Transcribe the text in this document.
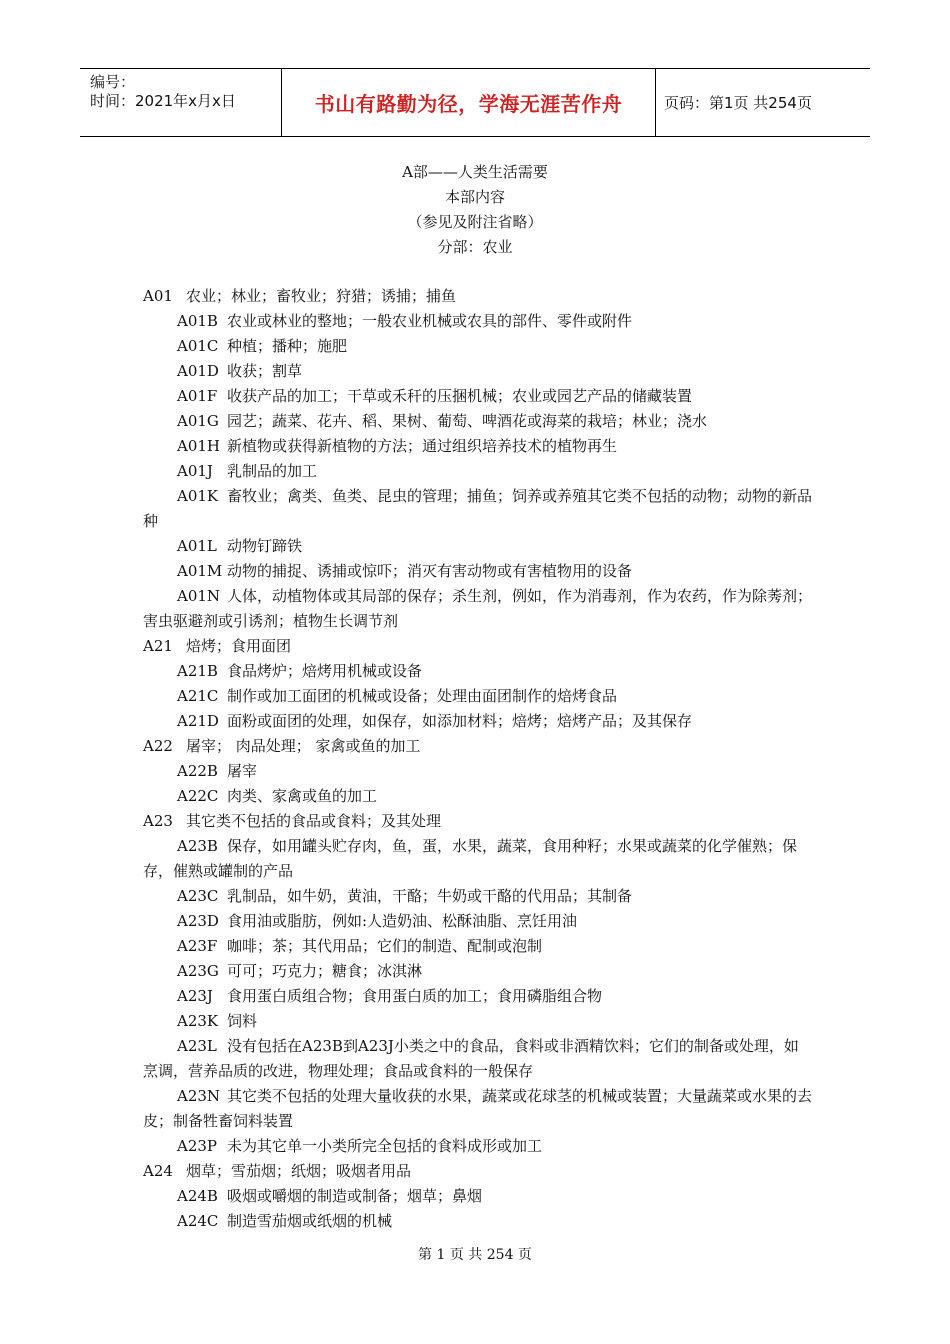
编号：
时间：2021年x月x日	书山有路勤为径，学海无涯苦作舟	页码：第1页 共254页
A部——人类生活需要
本部内容
（参见及附注省略）
分部：农业
A01 农业；林业；畜牧业；狩猎；诱捕；捕鱼
A01B 农业或林业的整地；一般农业机械或农具的部件、零件或附件
A01C 种植；播种；施肥
A01D 收获；割草
A01F 收获产品的加工；干草或禾秆的压捆机械；农业或园艺产品的储藏装置
A01G 园艺；蔬菜、花卉、稻、果树、葡萄、啤酒花或海菜的栽培；林业；浇水
A01H 新植物或获得新植物的方法；通过组织培养技术的植物再生
A01J 乳制品的加工
A01K 畜牧业；禽类、鱼类、昆虫的管理；捕鱼；饲养或养殖其它类不包括的动物；动物的新品种
A01L 动物钉蹄铁
A01M 动物的捕捉、诱捕或惊吓；消灭有害动物或有害植物用的设备
A01N 人体，动植物体或其局部的保存；杀生剂，例如，作为消毒剂，作为农药，作为除莠剂；害虫驱避剂或引诱剂；植物生长调节剂
A21 焙烤；食用面团
A21B 食品烤炉；焙烤用机械或设备
A21C 制作或加工面团的机械或设备；处理由面团制作的焙烤食品
A21D 面粉或面团的处理，如保存，如添加材料；焙烤；焙烤产品；及其保存
A22 屠宰； 肉品处理； 家禽或鱼的加工
A22B 屠宰
A22C 肉类、家禽或鱼的加工
A23 其它类不包括的食品或食料；及其处理
A23B 保存，如用罐头贮存肉，鱼，蛋，水果，蔬菜，食用种籽；水果或蔬菜的化学催熟；保存，催熟或罐制的产品
A23C 乳制品，如牛奶，黄油，干酪；牛奶或干酪的代用品；其制备
A23D 食用油或脂肪，例如:人造奶油、松酥油脂、烹饪用油
A23F 咖啡；茶；其代用品；它们的制造、配制或泡制
A23G 可可；巧克力；糖食；冰淇淋
A23J 食用蛋白质组合物；食用蛋白质的加工；食用磷脂组合物
A23K 饲料
A23L 没有包括在A23B到A23J小类之中的食品，食料或非酒精饮料；它们的制备或处理，如烹调，营养品质的改进，物理处理；食品或食料的一般保存
A23N 其它类不包括的处理大量收获的水果，蔬菜或花球茎的机械或装置；大量蔬菜或水果的去皮；制备牲畜饲料装置
A23P 未为其它单一小类所完全包括的食料成形或加工
A24 烟草；雪茄烟；纸烟；吸烟者用品
A24B 吸烟或嚼烟的制造或制备；烟草；鼻烟
A24C 制造雪茄烟或纸烟的机械
第 1 页 共 254 页
